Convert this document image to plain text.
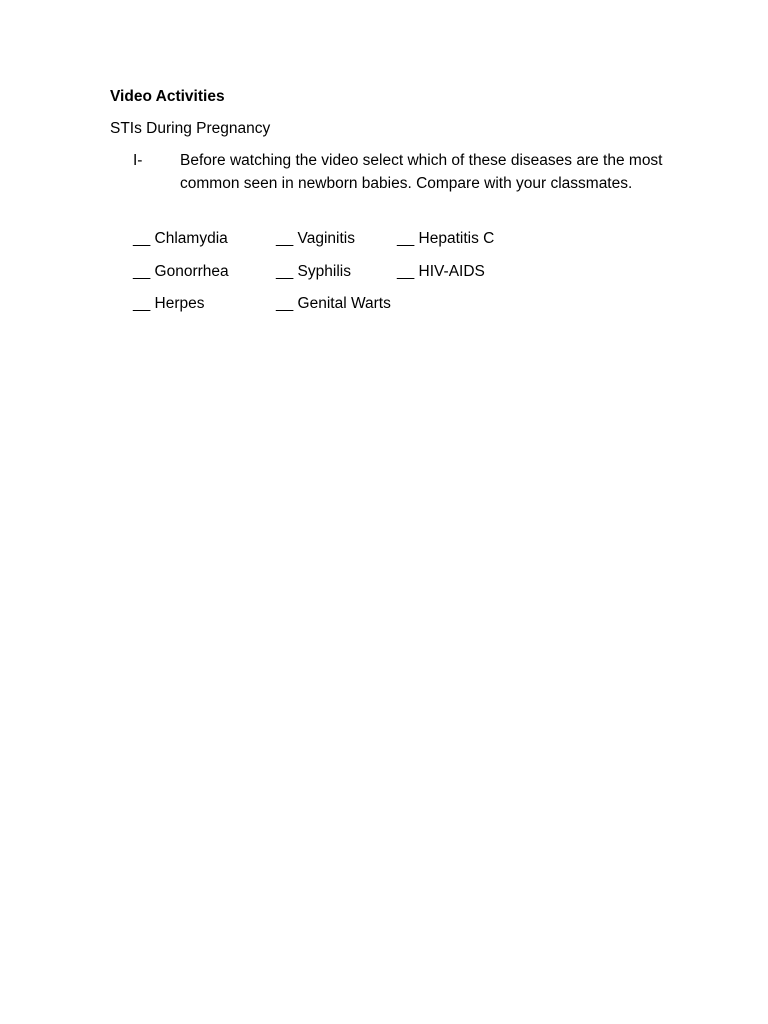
Video Activities
STIs During Pregnancy
I- Before watching the video select which of these diseases are the most common seen in newborn babies. Compare with your classmates.
__ Chlamydia	__ Vaginitis	__ Hepatitis C
__ Gonorrhea	__ Syphilis	__ HIV-AIDS
__ Herpes	__ Genital Warts
